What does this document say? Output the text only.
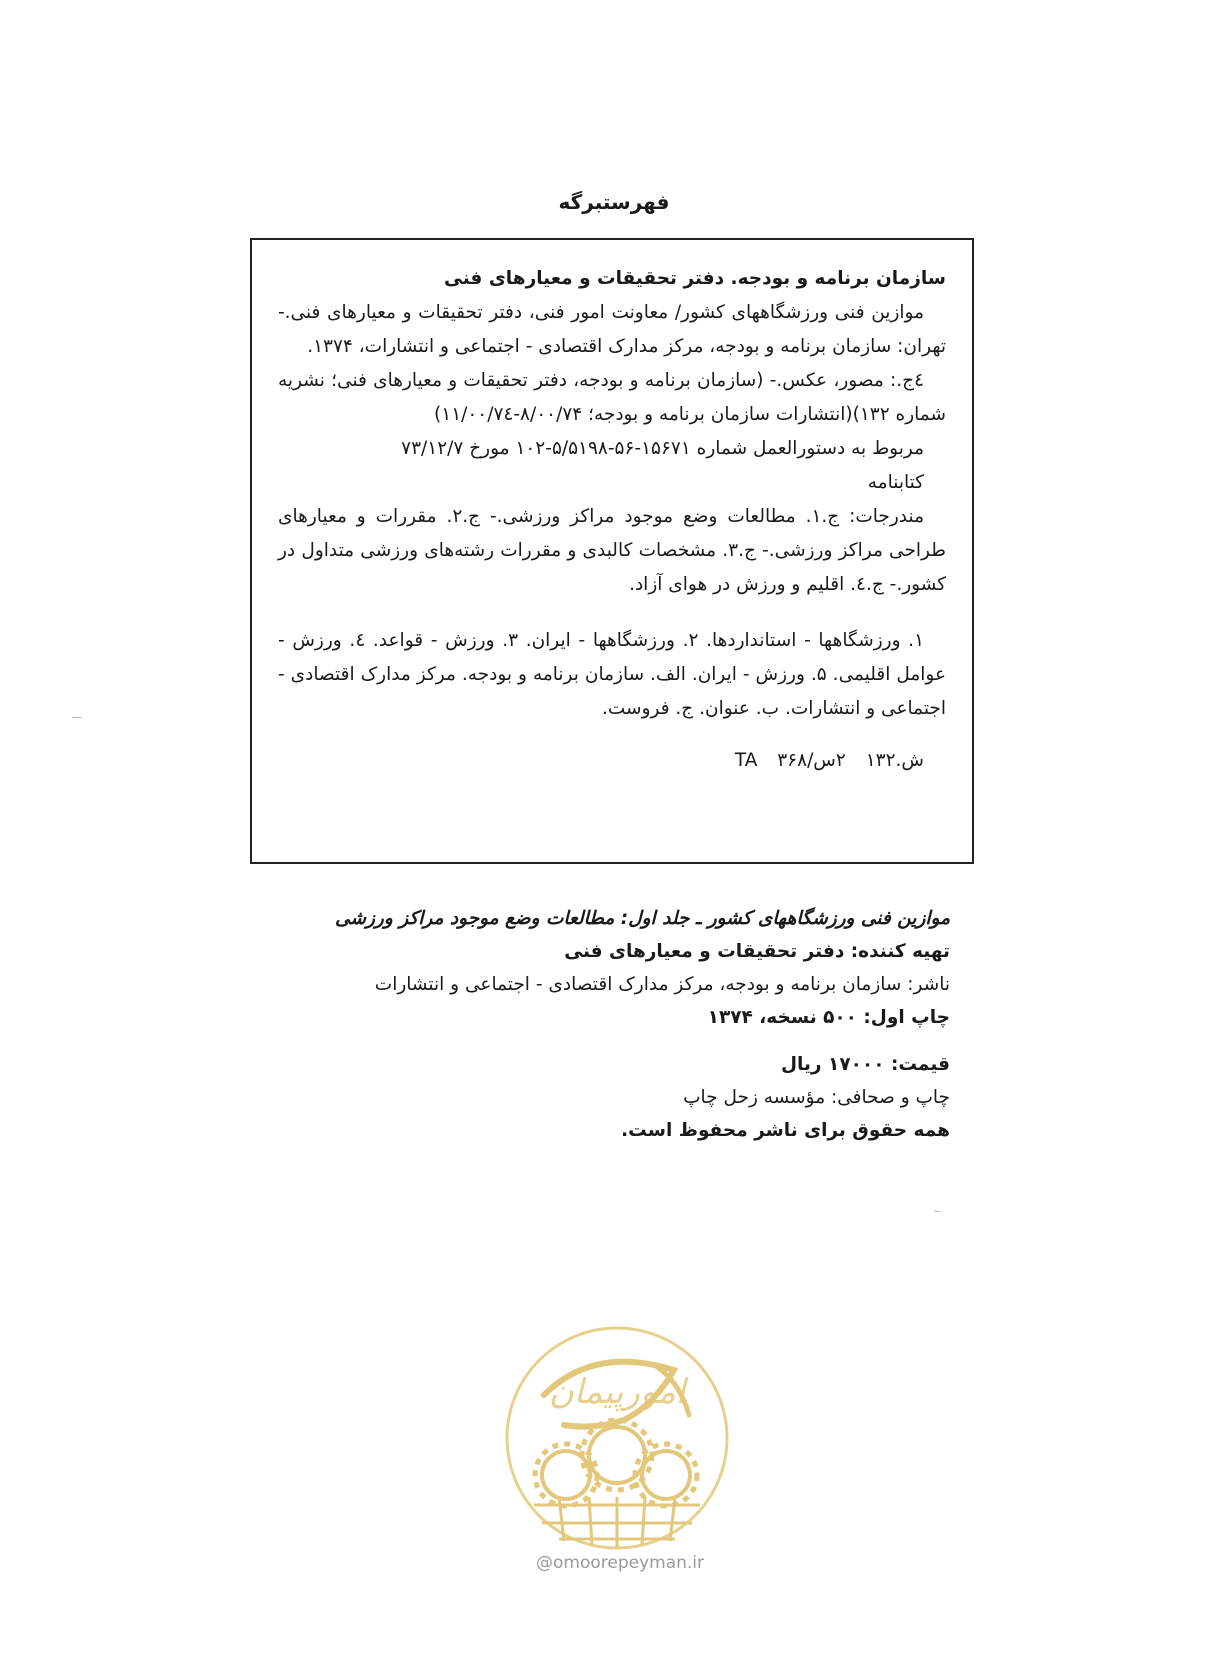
فهرستبرگه

سازمان برنامه و بودجه. دفتر تحقیقات و معیارهای فنی

موازین فنی ورزشگاههای کشور/ معاونت امور فنی، دفتر تحقیقات و معیارهای فنی.- تهران: سازمان برنامه و بودجه، مرکز مدارک اقتصادی - اجتماعی و انتشارات، ۱۳۷۴.

٤ج.: مصور، عکس.- (سازمان برنامه و بودجه، دفتر تحقیقات و معیارهای فنی؛ نشریه شماره ۱۳۲)(انتشارات سازمان برنامه و بودجه؛ ۸/۰۰/۷۴-۱۱/۰۰/۷٤)

مربوط به دستورالعمل شماره ۱۵۶۷۱-۵۶-۵/۵۱۹۸-۱۰۲ مورخ ۷۳/۱۲/۷

کتابنامه

مندرجات: ج.۱. مطالعات وضع موجود مراکز ورزشی.- ج.۲. مقررات و معیارهای طراحی مراکز ورزشی.- ج.۳. مشخصات کالبدی و مقررات رشته‌های ورزشی متداول در کشور.- ج.٤. اقلیم و ورزش در هوای آزاد.

۱. ورزشگاهها - استانداردها. ۲. ورزشگاهها - ایران. ۳. ورزش - قواعد. ٤. ورزش - عوامل اقلیمی. ۵. ورزش - ایران. الف. سازمان برنامه و بودجه. مرکز مدارک اقتصادی - اجتماعی و انتشارات. ب. عنوان. ج. فروست.

ش.۱۳۲ ۲س/۳۶۸ TA

موازین فنی ورزشگاههای کشور ـ جلد اول: مطالعات وضع موجود مراکز ورزشی

تهیه کننده: دفتر تحقیقات و معیارهای فنی

ناشر: سازمان برنامه و بودجه، مرکز مدارک اقتصادی - اجتماعی و انتشارات

چاپ اول: ۵۰۰ نسخه، ۱۳۷۴

قیمت: ۱۷۰۰۰ ریال

چاپ و صحافی: مؤسسه زحل چاپ

همه حقوق برای ناشر محفوظ است.

امورپیمان
@omoorepeyman.ir
